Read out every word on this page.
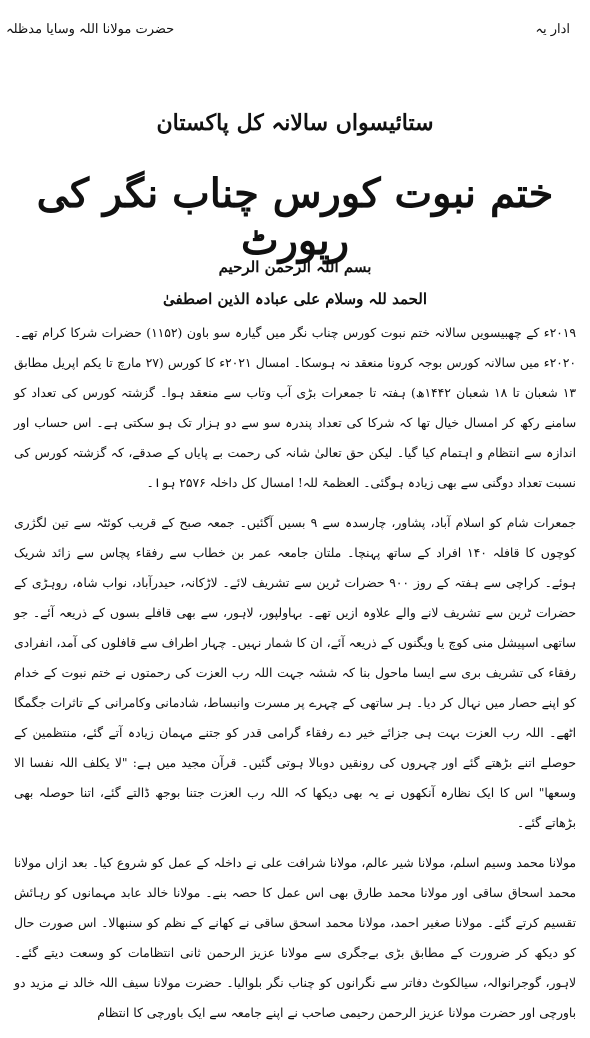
ادار یہ
حضرت مولانا اللہ وسایا مدظلہ
ستائیسواں سالانہ کل پاکستان
ختم نبوت کورس چناب نگر کی رپورٹ
بسم اللہ الرحمن الرحیم
الحمد للہ وسلام علی عبادہ الذین اصطفیٰ

۲۰۱۹ء کے چھبیسویں سالانہ ختم نبوت کورس چناب نگر میں گیارہ سو باون (۱۱۵۲) حضرات شرکا کرام تھے۔ ۲۰۲۰ء میں سالانہ کورس بوجہ کرونا منعقد نہ ہوسکا۔ امسال ۲۰۲۱ء کا کورس (۲۷ مارچ تا یکم اپریل مطابق ۱۳ شعبان تا ۱۸ شعبان ۱۴۴۲ھ) ہفتہ تا جمعرات بڑی آب وتاب سے منعقد ہوا۔ گزشتہ کورس کی تعداد کو سامنے رکھ کر امسال خیال تھا کہ شرکا کی تعداد پندرہ سو سے دو ہزار تک ہو سکتی ہے۔ اس حساب اور اندازہ سے انتظام و اہتمام کیا گیا۔ لیکن حق تعالیٰ شانہ کی رحمت بے پایاں کے صدقے، کہ گزشتہ کورس کی نسبت تعداد دوگنی سے بھی زیادہ ہوگئی۔ العظمۃ للہ! امسال کل داخلہ ۲۵۷۶ ہوا۔

جمعرات شام کو اسلام آباد، پشاور، چارسدہ سے ۹ بسیں آگئیں۔ جمعہ صبح کے قریب کوئٹہ سے تین لگژری کوچوں کا قافلہ ۱۴۰ افراد کے ساتھ پہنچا۔ ملتان جامعہ عمر بن خطاب سے رفقاء پچاس سے زائد شریک ہوئے۔ کراچی سے ہفتہ کے روز ۹۰۰ حضرات ٹرین سے تشریف لائے۔ لاڑکانہ، حیدرآباد، نواب شاہ، روہڑی کے حضرات ٹرین سے تشریف لانے والے علاوہ ازیں تھے۔ بہاولپور، لاہور، سے بھی قافلے بسوں کے ذریعہ آئے۔ جو ساتھی اسپیشل منی کوچ یا ویگنوں کے ذریعہ آئے، ان کا شمار نہیں۔ چہار اطراف سے قافلوں کی آمد، انفرادی رفقاء کی تشریف بری سے ایسا ماحول بنا کہ ششہ جہت اللہ رب العزت کی رحمتوں نے ختم نبوت کے خدام کو اپنے حصار میں نہال کر دیا۔ ہر ساتھی کے چہرے پر مسرت وانبساط، شادمانی وکامرانی کے تاثرات جگمگا اٹھے۔ اللہ رب العزت بہت ہی جزائے خیر دے رفقاء گرامی قدر کو جتنے مہمان زیادہ آتے گئے، منتظمین کے حوصلے اتنے بڑھتے گئے اور چہروں کی رونقیں دوبالا ہوتی گئیں۔ قرآن مجید میں ہے: "لا یکلف اللہ نفسا الا وسعھا" اس کا ایک نظارہ آنکھوں نے یہ بھی دیکھا کہ اللہ رب العزت جتنا بوجھ ڈالتے گئے، اتنا حوصلہ بھی بڑھاتے گئے۔

مولانا محمد وسیم اسلم، مولانا شیر عالم، مولانا شرافت علی نے داخلہ کے عمل کو شروع کیا۔ بعد ازاں مولانا محمد اسحاق ساقی اور مولانا محمد طارق بھی اس عمل کا حصہ بنے۔ مولانا خالد عابد مہمانوں کو رہائش تقسیم کرتے گئے۔ مولانا صغیر احمد، مولانا محمد اسحق ساقی نے کھانے کے نظم کو سنبھالا۔ اس صورت حال کو دیکھ کر ضرورت کے مطابق بڑی بےجگری سے مولانا عزیز الرحمن ثانی انتظامات کو وسعت دیتے گئے۔ لاہور، گوجرانوالہ، سیالکوٹ دفاتر سے نگرانوں کو چناب نگر بلوالیا۔ حضرت مولانا سیف اللہ خالد نے مزید دو باورچی اور حضرت مولانا عزیز الرحمن رحیمی صاحب نے اپنے جامعہ سے ایک باورچی کا انتظام
